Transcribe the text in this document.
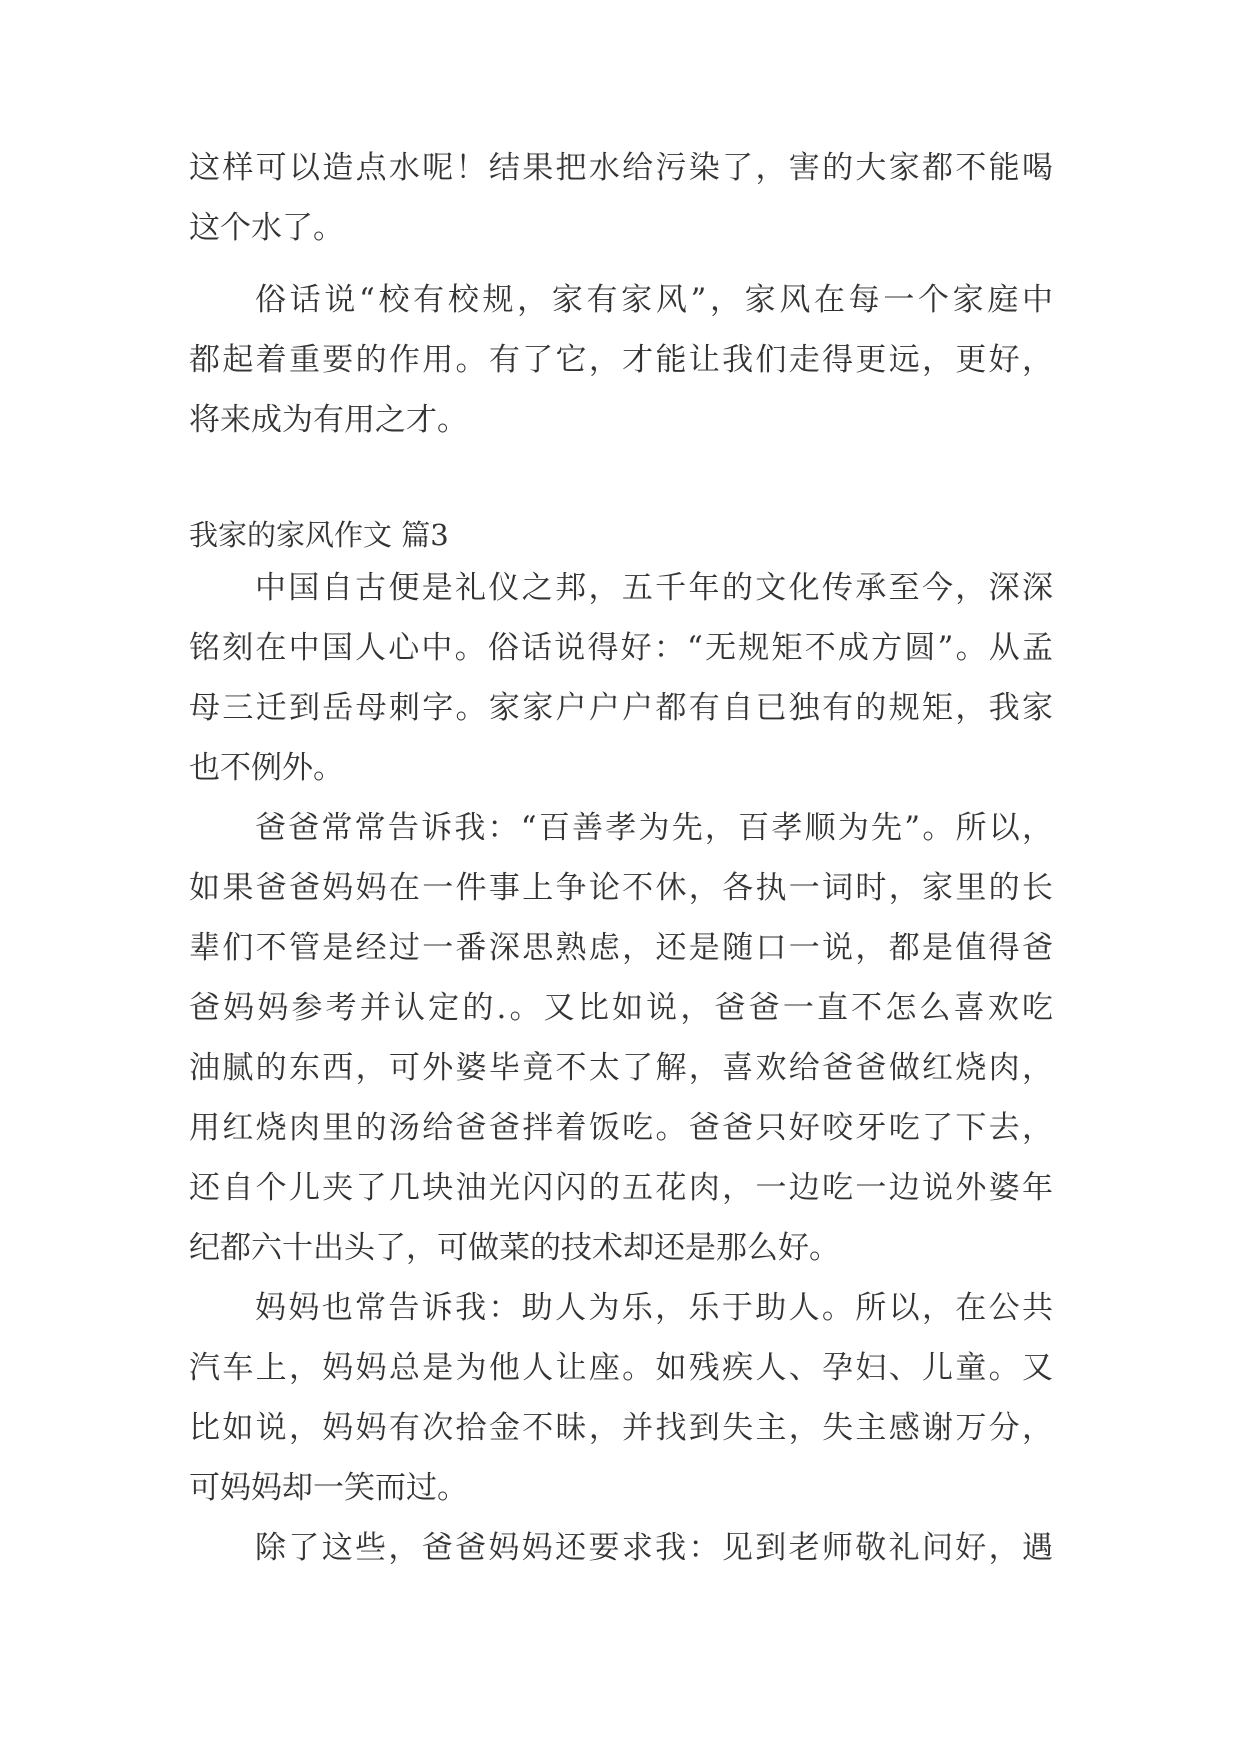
这样可以造点水呢！结果把水给污染了，害的大家都不能喝
这个水了。
俗话说“校有校规，家有家风”，家风在每一个家庭中
都起着重要的作用。有了它，才能让我们走得更远，更好，
将来成为有用之才。
我家的家风作文 篇3
中国自古便是礼仪之邦，五千年的文化传承至今，深深
铭刻在中国人心中。俗话说得好：“无规矩不成方圆”。从孟
母三迁到岳母刺字。家家户户户都有自已独有的规矩，我家
也不例外。
爸爸常常告诉我：“百善孝为先，百孝顺为先”。所以，
如果爸爸妈妈在一件事上争论不休，各执一词时，家里的长
辈们不管是经过一番深思熟虑，还是随口一说，都是值得爸
爸妈妈参考并认定的.。又比如说，爸爸一直不怎么喜欢吃
油腻的东西，可外婆毕竟不太了解，喜欢给爸爸做红烧肉，
用红烧肉里的汤给爸爸拌着饭吃。爸爸只好咬牙吃了下去，
还自个儿夹了几块油光闪闪的五花肉，一边吃一边说外婆年
纪都六十出头了，可做菜的技术却还是那么好。
妈妈也常告诉我：助人为乐，乐于助人。所以，在公共
汽车上，妈妈总是为他人让座。如残疾人、孕妇、儿童。又
比如说，妈妈有次拾金不昧，并找到失主，失主感谢万分，
可妈妈却一笑而过。
除了这些，爸爸妈妈还要求我：见到老师敬礼问好，遇
